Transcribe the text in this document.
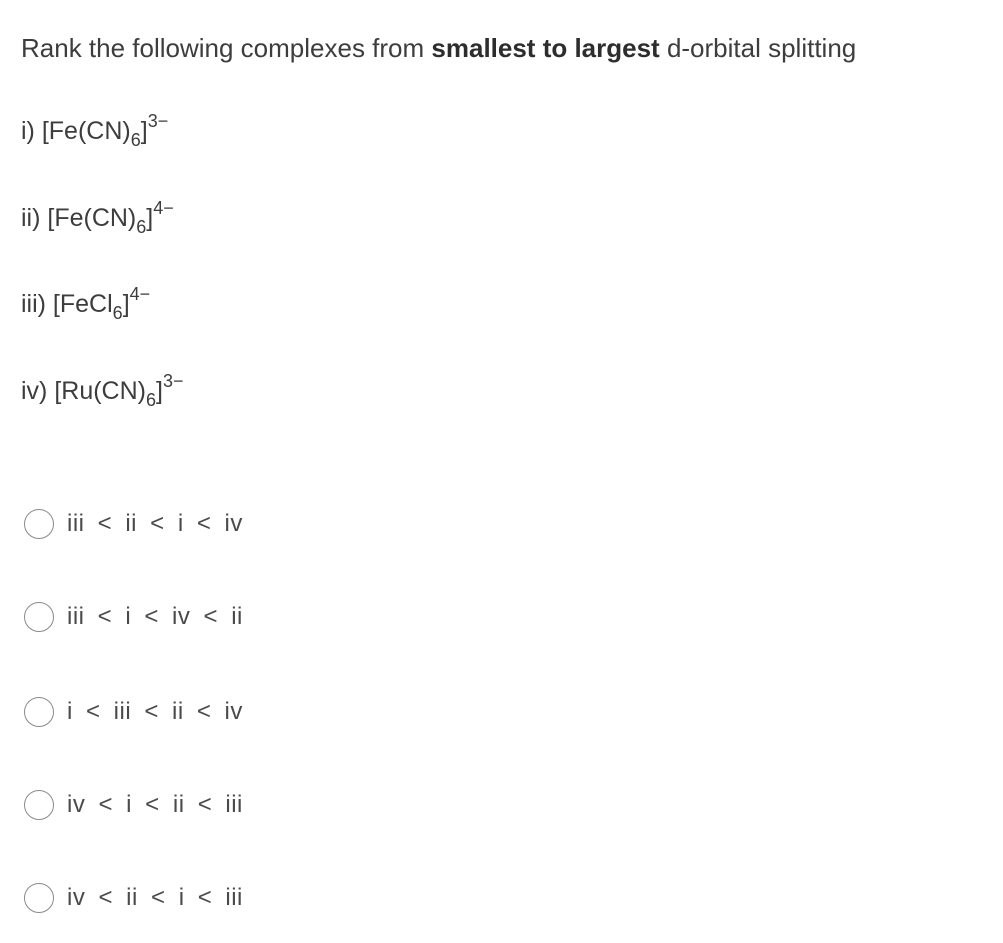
Rank the following complexes from smallest to largest d-orbital splitting
i) $[Fe(CN)_6]^{3-}$
ii) $[Fe(CN)_6]^{4-}$
iii) [FeCl$_6$]$^{4-}$
iv) $[Ru(CN)_6]^{3-}$
iii < ii < i < iv
iii < i < iv < ii
i < iii < ii < iv
iv < i < ii < iii
iv < ii < i < iii
